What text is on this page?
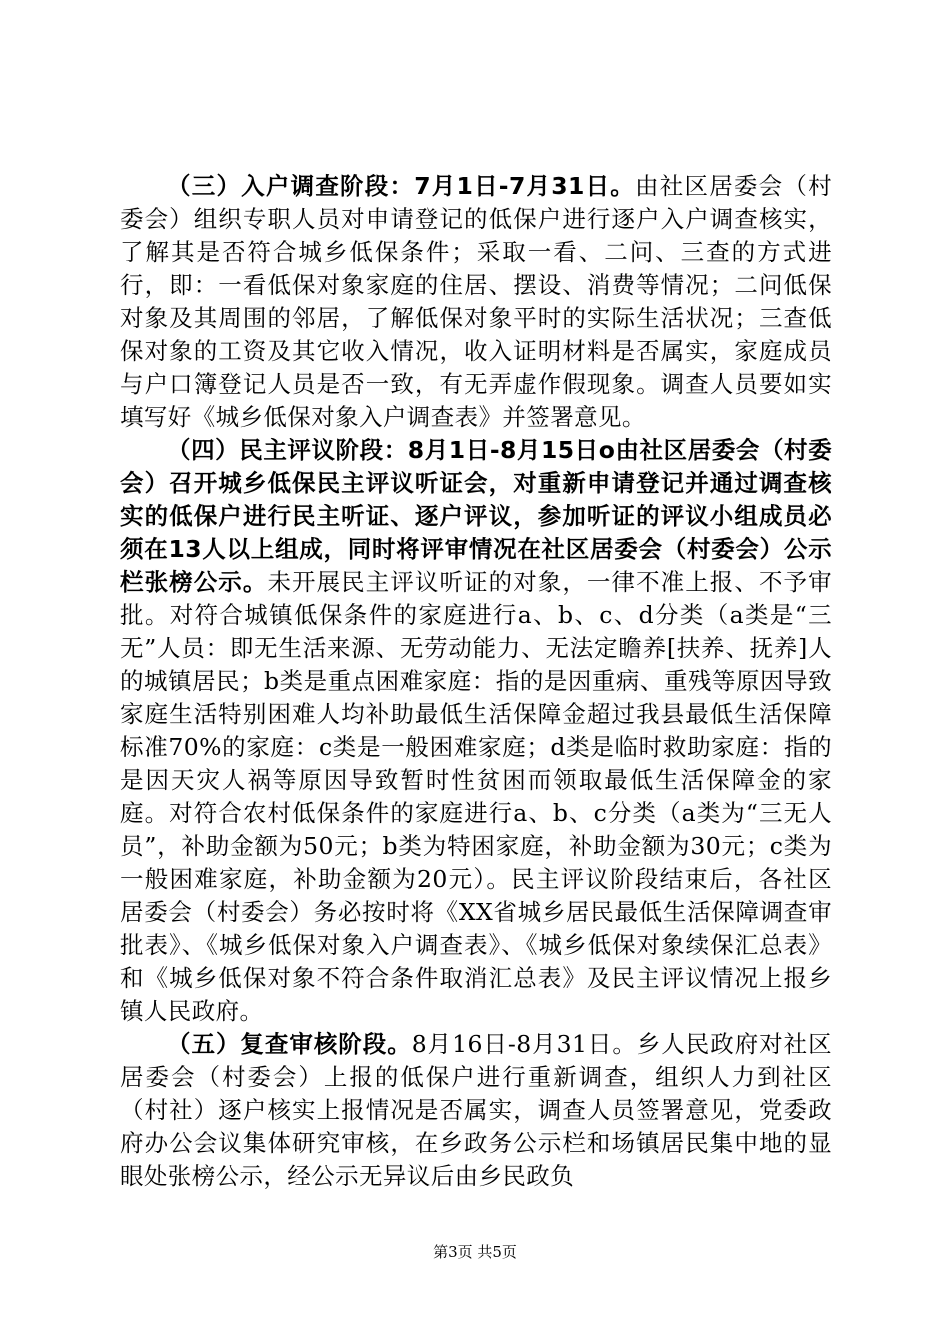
（三）入户调查阶段：7月1日-7月31日。由社区居委会（村委会）组织专职人员对申请登记的低保户进行逐户入户调查核实，了解其是否符合城乡低保条件；采取一看、二问、三查的方式进行，即：一看低保对象家庭的住居、摆设、消费等情况；二问低保对象及其周围的邻居，了解低保对象平时的实际生活状况；三查低保对象的工资及其它收入情况，收入证明材料是否属实，家庭成员与户口簿登记人员是否一致，有无弄虚作假现象。调查人员要如实填写好《城乡低保对象入户调查表》并签署意见。

（四）民主评议阶段：8月1日-8月15日o由社区居委会（村委会）召开城乡低保民主评议听证会，对重新申请登记并通过调查核实的低保户进行民主听证、逐户评议，参加听证的评议小组成员必须在13人以上组成，同时将评审情况在社区居委会（村委会）公示栏张榜公示。未开展民主评议听证的对象，一律不准上报、不予审批。对符合城镇低保条件的家庭进行a、b、c、d分类（a类是“三无”人员：即无生活来源、无劳动能力、无法定瞻养[扶养、抚养]人的城镇居民；b类是重点困难家庭：指的是因重病、重残等原因导致家庭生活特别困难人均补助最低生活保障金超过我县最低生活保障标准70%的家庭：c类是一般困难家庭；d类是临时救助家庭：指的是因天灾人祸等原因导致暂时性贫困而领取最低生活保障金的家庭。对符合农村低保条件的家庭进行a、b、c分类（a类为“三无人员”，补助金额为50元；b类为特困家庭，补助金额为30元；c类为一般困难家庭，补助金额为20元）。民主评议阶段结束后，各社区居委会（村委会）务必按时将《XX省城乡居民最低生活保障调查审批表》、《城乡低保对象入户调查表》、《城乡低保对象续保汇总表》和《城乡低保对象不符合条件取消汇总表》及民主评议情况上报乡镇人民政府。

（五）复查审核阶段。8月16日-8月31日。乡人民政府对社区居委会（村委会）上报的低保户进行重新调查，组织人力到社区（村社）逐户核实上报情况是否属实，调查人员签署意见，党委政府办公会议集体研究审核，在乡政务公示栏和场镇居民集中地的显眼处张榜公示，经公示无异议后由乡民政负

第3页 共5页
